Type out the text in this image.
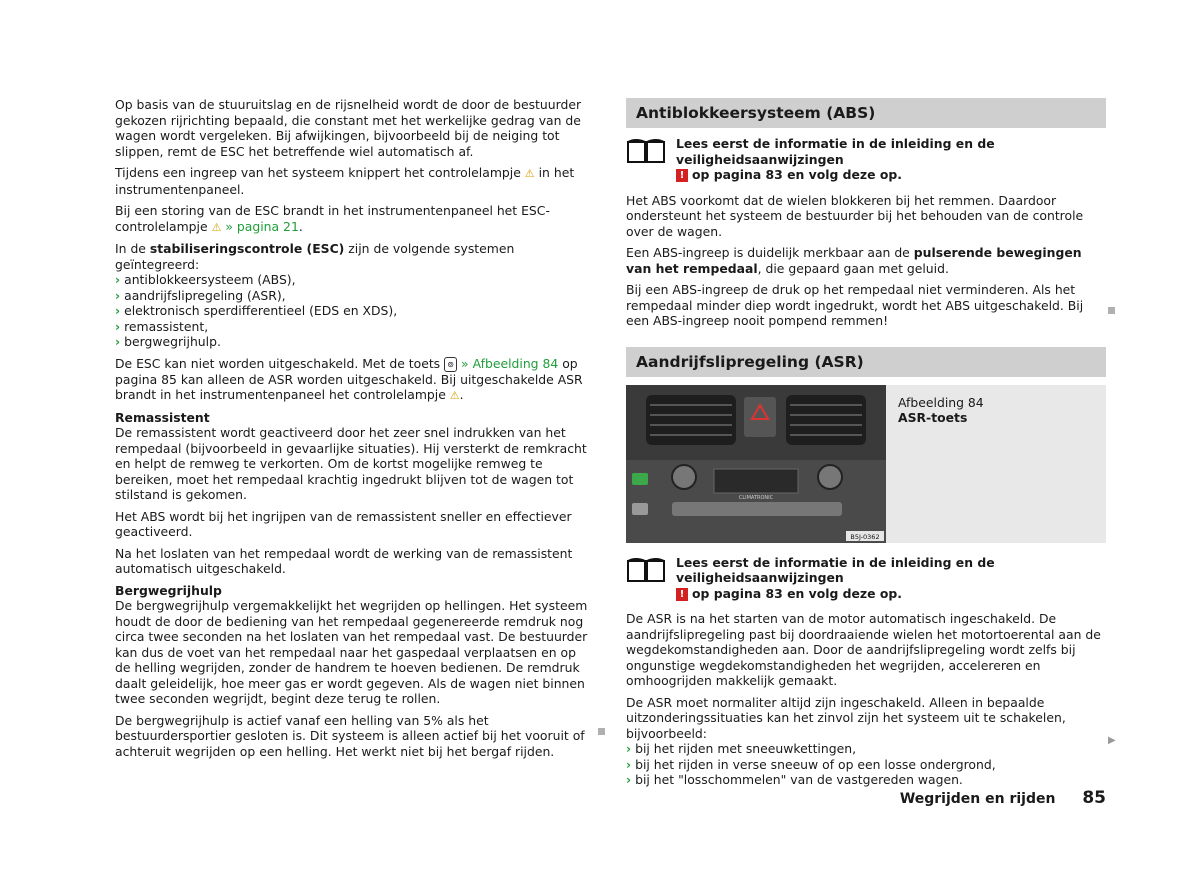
Op basis van de stuuruitslag en de rijsnelheid wordt de door de bestuurder gekozen rijrichting bepaald, die constant met het werkelijke gedrag van de wagen wordt vergeleken. Bij afwijkingen, bijvoorbeeld bij de neiging tot slippen, remt de ESC het betreffende wiel automatisch af.

Tijdens een ingreep van het systeem knippert het controlelampje ⚠ in het instrumentenpaneel.

Bij een storing van de ESC brandt in het instrumentenpaneel het ESC-controlelampje ⚠ » pagina 21.

In de stabiliseringscontrole (ESC) zijn de volgende systemen geïntegreerd:

› antiblokkeersysteem (ABS),
› aandrijfslipregeling (ASR),
› elektronisch sperdifferentieel (EDS en XDS),
› remassistent,
› bergwegrijhulp.

De ESC kan niet worden uitgeschakeld. Met de toets ⊚ » Afbeelding 84 op pagina 85 kan alleen de ASR worden uitgeschakeld. Bij uitgeschakelde ASR brandt in het instrumentenpaneel het controlelampje ⚠.

Remassistent

De remassistent wordt geactiveerd door het zeer snel indrukken van het rempedaal (bijvoorbeeld in gevaarlijke situaties). Hij versterkt de remkracht en helpt de remweg te verkorten. Om de kortst mogelijke remweg te bereiken, moet het rempedaal krachtig ingedrukt blijven tot de wagen tot stilstand is gekomen.

Het ABS wordt bij het ingrijpen van de remassistent sneller en effectiever geactiveerd.

Na het loslaten van het rempedaal wordt de werking van de remassistent automatisch uitgeschakeld.

Bergwegrijhulp

De bergwegrijhulp vergemakkelijkt het wegrijden op hellingen. Het systeem houdt de door de bediening van het rempedaal gegenereerde remdruk nog circa twee seconden na het loslaten van het rempedaal vast. De bestuurder kan dus de voet van het rempedaal naar het gaspedaal verplaatsen en op de helling wegrijden, zonder de handrem te hoeven bedienen. De remdruk daalt geleidelijk, hoe meer gas er wordt gegeven. Als de wagen niet binnen twee seconden wegrijdt, begint deze terug te rollen.

De bergwegrijhulp is actief vanaf een helling van 5% als het bestuurdersportier gesloten is. Dit systeem is alleen actief bij het vooruit of achteruit wegrijden op een helling. Het werkt niet bij het bergaf rijden.

Antiblokkeersysteem (ABS)
Lees eerst de informatie in de inleiding en de veiligheidsaanwijzingen
! op pagina 83 en volg deze op.

Het ABS voorkomt dat de wielen blokkeren bij het remmen. Daardoor ondersteunt het systeem de bestuurder bij het behouden van de controle over de wagen.

Een ABS-ingreep is duidelijk merkbaar aan de pulserende bewegingen van het rempedaal, die gepaard gaan met geluid.

Bij een ABS-ingreep de druk op het rempedaal niet verminderen. Als het rempedaal minder diep wordt ingedrukt, wordt het ABS uitgeschakeld. Bij een ABS-ingreep nooit pompend remmen!

Aandrijfslipregeling (ASR)
CLIMATRONIC
B5J-0362
Afbeelding 84
ASR-toets
Lees eerst de informatie in de inleiding en de veiligheidsaanwijzingen
! op pagina 83 en volg deze op.

De ASR is na het starten van de motor automatisch ingeschakeld. De aandrijfslipregeling past bij doordraaiende wielen het motortoerental aan de wegdekomstandigheden aan. Door de aandrijfslipregeling wordt zelfs bij ongunstige wegdekomstandigheden het wegrijden, accelereren en omhoogrijden makkelijk gemaakt.

De ASR moet normaliter altijd zijn ingeschakeld. Alleen in bepaalde uitzonderingssituaties kan het zinvol zijn het systeem uit te schakelen, bijvoorbeeld:

› bij het rijden met sneeuwkettingen,
› bij het rijden in verse sneeuw of op een losse ondergrond,
› bij het "losschommelen" van de vastgereden wagen.
▶
Wegrijden en rijden 85
